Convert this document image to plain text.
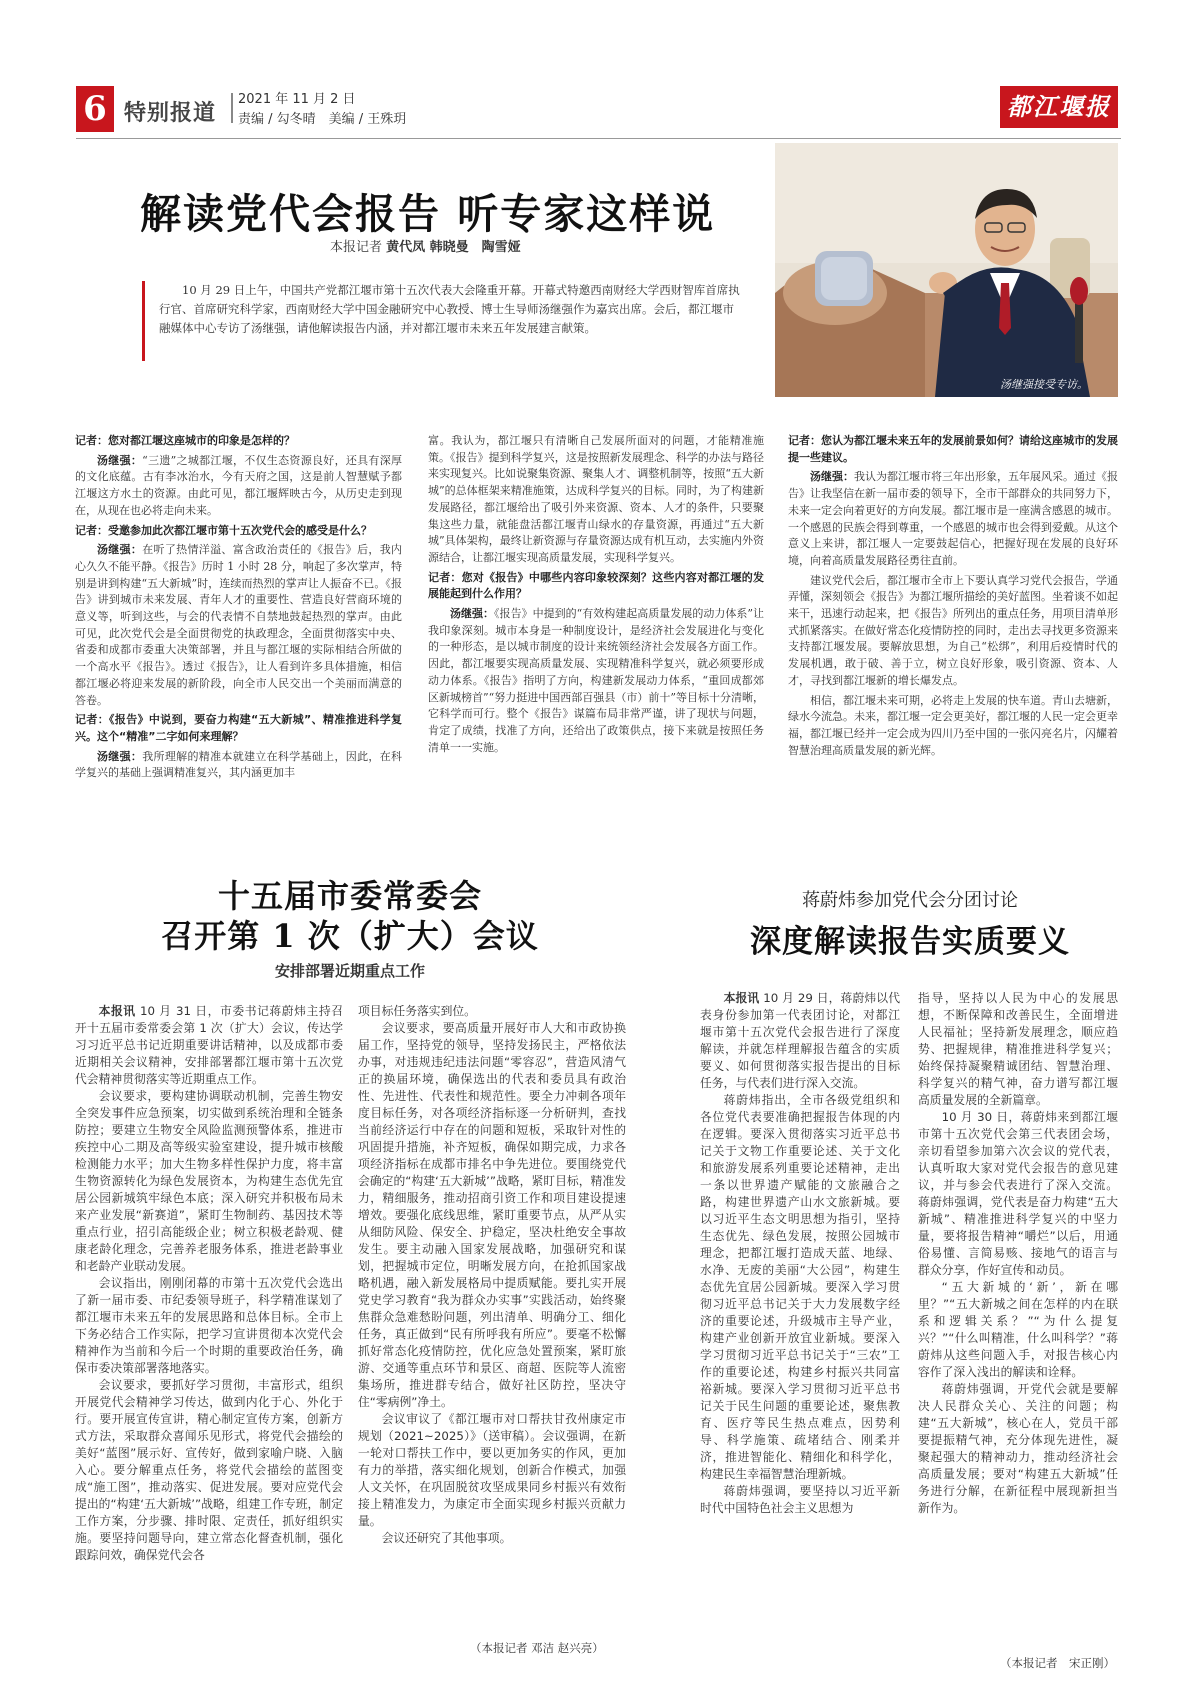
6 特别报道
2021 年 11 月 2 日
责编 / 勾冬晴　美编 / 王殊玥	都江堰报
解读党代会报告 听专家这样说
本报记者 黄代凤 韩晓曼　陶雪娅
10 月 29 日上午，中国共产党都江堰市第十五次代表大会隆重开幕。开幕式特邀西南财经大学西财智库首席执行官、首席研究科学家，西南财经大学中国金融研究中心教授、博士生导师汤继强作为嘉宾出席。会后，都江堰市融媒体中心专访了汤继强，请他解读报告内涵，并对都江堰市未来五年发展建言献策。
汤继强接受专访。

记者：您对都江堰这座城市的印象是怎样的？

汤继强：“三遗”之城都江堰，不仅生态资源良好，还具有深厚的文化底蕴。古有李冰治水，今有天府之国，这是前人智慧赋予都江堰这方水土的资源。由此可见，都江堰辉映古今，从历史走到现在，从现在也必将走向未来。

记者：受邀参加此次都江堰市第十五次党代会的感受是什么？

汤继强：在听了热情洋溢、富含政治责任的《报告》后，我内心久久不能平静。《报告》历时 1 小时 28 分，响起了多次掌声，特别是讲到构建“五大新城”时，连续而热烈的掌声让人振奋不已。《报告》讲到城市未来发展、青年人才的重要性、营造良好营商环境的意义等，听到这些，与会的代表情不自禁地鼓起热烈的掌声。由此可见，此次党代会是全面贯彻党的执政理念，全面贯彻落实中央、省委和成都市委重大决策部署，并且与都江堰的实际相结合所做的一个高水平《报告》。透过《报告》，让人看到许多具体措施，相信都江堰必将迎来发展的新阶段，向全市人民交出一个美丽而满意的答卷。

记者：《报告》中说到，要奋力构建“五大新城”、精准推进科学复兴。这个“精准”二字如何来理解？

汤继强：我所理解的精准本就建立在科学基础上，因此，在科学复兴的基础上强调精准复兴，其内涵更加丰

富。我认为，都江堰只有清晰自己发展所面对的问题，才能精准施策。《报告》提到科学复兴，这是按照新发展理念、科学的办法与路径来实现复兴。比如说聚集资源、聚集人才、调整机制等，按照“五大新城”的总体框架来精准施策，达成科学复兴的目标。同时，为了构建新发展路径，都江堰给出了吸引外来资源、资本、人才的条件，只要聚集这些力量，就能盘活都江堰青山绿水的存量资源，再通过“五大新城”具体架构，最终让新资源与存量资源达成有机互动，去实施内外资源结合，让都江堰实现高质量发展，实现科学复兴。

记者：您对《报告》中哪些内容印象较深刻？这些内容对都江堰的发展能起到什么作用？

汤继强：《报告》中提到的“有效构建起高质量发展的动力体系”让我印象深刻。城市本身是一种制度设计，是经济社会发展进化与变化的一种形态，是以城市制度的设计来统领经济社会发展各方面工作。因此，都江堰要实现高质量发展、实现精准科学复兴，就必须要形成动力体系。《报告》指明了方向，构建新发展动力体系，“重回成都郊区新城榜首”“努力挺进中国西部百强县（市）前十”等目标十分清晰，它科学而可行。整个《报告》谋篇布局非常严谨，讲了现状与问题，肯定了成绩，找准了方向，还给出了政策供点，接下来就是按照任务清单一一实施。

记者：您认为都江堰未来五年的发展前景如何？请给这座城市的发展提一些建议。

汤继强：我认为都江堰市将三年出形象，五年展风采。通过《报告》让我坚信在新一届市委的领导下，全市干部群众的共同努力下，未来一定会向着更好的方向发展。都江堰市是一座满含感恩的城市。一个感恩的民族会得到尊重，一个感恩的城市也会得到爱戴。从这个意义上来讲，都江堰人一定要鼓起信心，把握好现在发展的良好环境，向着高质量发展路径勇往直前。

建议党代会后，都江堰市全市上下要认真学习党代会报告，学通弄懂，深刻领会《报告》为都江堰所描绘的美好蓝图。坐着谈不如起来干，迅速行动起来，把《报告》所列出的重点任务，用项目清单形式抓紧落实。在做好常态化疫情防控的同时，走出去寻找更多资源来支持都江堰发展。要解放思想，为自己“松绑”，利用后疫情时代的发展机遇，敢于破、善于立，树立良好形象，吸引资源、资本、人才，寻找到都江堰新的增长爆发点。

相信，都江堰未来可期，必将走上发展的快车道。青山去塘新，绿水今流急。未来，都江堰一定会更美好，都江堰的人民一定会更幸福，都江堰已经并一定会成为四川乃至中国的一张闪亮名片，闪耀着智慧治理高质量发展的新光辉。

十五届市委常委会
召开第 1 次（扩大）会议
安排部署近期重点工作

本报讯 10 月 31 日，市委书记蒋蔚炜主持召开十五届市委常委会第 1 次（扩大）会议，传达学习习近平总书记近期重要讲话精神，以及成都市委近期相关会议精神，安排部署都江堰市第十五次党代会精神贯彻落实等近期重点工作。

会议要求，要构建协调联动机制，完善生物安全突发事件应急预案，切实做到系统治理和全链条防控；要建立生物安全风险监测预警体系，推进市疾控中心二期及高等级实验室建设，提升城市核酸检测能力水平；加大生物多样性保护力度，将丰富生物资源转化为绿色发展资本，为构建生态优先宜居公园新城筑牢绿色本底；深入研究并积极布局未来产业发展“新赛道”，紧盯生物制药、基因技术等重点行业，招引高能级企业；树立积极老龄观、健康老龄化理念，完善养老服务体系，推进老龄事业和老龄产业联动发展。

会议指出，刚刚闭幕的市第十五次党代会选出了新一届市委、市纪委领导班子，科学精准谋划了都江堰市未来五年的发展思路和总体目标。全市上下务必结合工作实际，把学习宣讲贯彻本次党代会精神作为当前和今后一个时期的重要政治任务，确保市委决策部署落地落实。

会议要求，要抓好学习贯彻，丰富形式，组织开展党代会精神学习传达，做到内化于心、外化于行。要开展宣传宣讲，精心制定宣传方案，创新方式方法，采取群众喜闻乐见形式，将党代会描绘的美好“蓝图”展示好、宣传好，做到家喻户晓、入脑入心。要分解重点任务，将党代会描绘的蓝图变成“施工图”，推动落实、促进发展。要对应党代会提出的“构建‘五大新城’”战略，组建工作专班，制定工作方案，分步骤、排时限、定责任，抓好组织实施。要坚持问题导向，建立常态化督查机制，强化跟踪问效，确保党代会各

项目标任务落实到位。

会议要求，要高质量开展好市人大和市政协换届工作，坚持党的领导，坚持发扬民主，严格依法办事，对违规违纪违法问题“零容忍”，营造风清气正的换届环境，确保选出的代表和委员具有政治性、先进性、代表性和规范性。要全力冲刺各项年度目标任务，对各项经济指标逐一分析研判，查找当前经济运行中存在的问题和短板，采取针对性的巩固提升措施，补齐短板，确保如期完成，力求各项经济指标在成都市排名中争先进位。要围绕党代会确定的“构建‘五大新城’”战略，紧盯目标，精准发力，精细服务，推动招商引资工作和项目建设提速增效。要强化底线思维，紧盯重要节点，从严从实从细防风险、保安全、护稳定，坚决杜绝安全事故发生。要主动融入国家发展战略，加强研究和谋划，把握城市定位，明晰发展方向，在抢抓国家战略机遇，融入新发展格局中提质赋能。要扎实开展党史学习教育“我为群众办实事”实践活动，始终聚焦群众急难愁盼问题，列出清单、明确分工、细化任务，真正做到“民有所呼我有所应”。要毫不松懈抓好常态化疫情防控，优化应急处置预案，紧盯旅游、交通等重点环节和景区、商超、医院等人流密集场所，推进群专结合，做好社区防控，坚决守住“零病例”净土。

会议审议了《都江堰市对口帮扶甘孜州康定市规划（2021~2025）》（送审稿）。会议强调，在新一轮对口帮扶工作中，要以更加务实的作风，更加有力的举措，落实细化规划，创新合作模式，加强人文关怀，在巩固脱贫攻坚成果同乡村振兴有效衔接上精准发力，为康定市全面实现乡村振兴贡献力量。

会议还研究了其他事项。

（本报记者 邓洁 赵兴亮）
蒋蔚炜参加党代会分团讨论
深度解读报告实质要义

本报讯 10 月 29 日，蒋蔚炜以代表身份参加第一代表团讨论，对都江堰市第十五次党代会报告进行了深度解读，并就怎样理解报告蕴含的实质要义、如何贯彻落实报告提出的目标任务，与代表们进行深入交流。

蒋蔚炜指出，全市各级党组织和各位党代表要准确把握报告体现的内在逻辑。要深入贯彻落实习近平总书记关于文物工作重要论述、关于文化和旅游发展系列重要论述精神，走出一条以世界遗产赋能的文旅融合之路，构建世界遗产山水文旅新城。要以习近平生态文明思想为指引，坚持生态优先、绿色发展，按照公园城市理念，把都江堰打造成天蓝、地绿、水净、无废的美丽“大公园”，构建生态优先宜居公园新城。要深入学习贯彻习近平总书记关于大力发展数字经济的重要论述，升级城市主导产业，构建产业创新开放宜业新城。要深入学习贯彻习近平总书记关于“三农”工作的重要论述，构建乡村振兴共同富裕新城。要深入学习贯彻习近平总书记关于民生问题的重要论述，聚焦教育、医疗等民生热点难点，因势利导、科学施策、疏堵结合、刚柔并济，推进智能化、精细化和科学化，构建民生幸福智慧治理新城。

蒋蔚炜强调，要坚持以习近平新时代中国特色社会主义思想为

指导，坚持以人民为中心的发展思想，不断保障和改善民生，全面增进人民福祉；坚持新发展理念，顺应趋势、把握规律，精准推进科学复兴；始终保持凝聚精诚团结、智慧治理、科学复兴的精气神，奋力谱写都江堰高质量发展的全新篇章。

10 月 30 日，蒋蔚炜来到都江堰市第十五次党代会第三代表团会场，亲切看望参加第六次会议的党代表，认真听取大家对党代会报告的意见建议，并与参会代表进行了深入交流。蒋蔚炜强调，党代表是奋力构建“五大新城”、精准推进科学复兴的中坚力量，要将报告精神“嚼烂”以后，用通俗易懂、言简易赅、接地气的语言与群众分享，作好宣传和动员。

“五大新城的‘新’，新在哪里？”“五大新城之间在怎样的内在联系和逻辑关系？”“为什么提复兴？”“什么叫精准，什么叫科学？”蒋蔚炜从这些问题入手，对报告核心内容作了深入浅出的解读和诠释。

蒋蔚炜强调，开党代会就是要解决人民群众关心、关注的问题；构建“五大新城”，核心在人，党员干部要提振精气神，充分体现先进性，凝聚起强大的精神动力，推动经济社会高质量发展；要对“构建五大新城”任务进行分解，在新征程中展现新担当新作为。

（本报记者　宋正刚）
